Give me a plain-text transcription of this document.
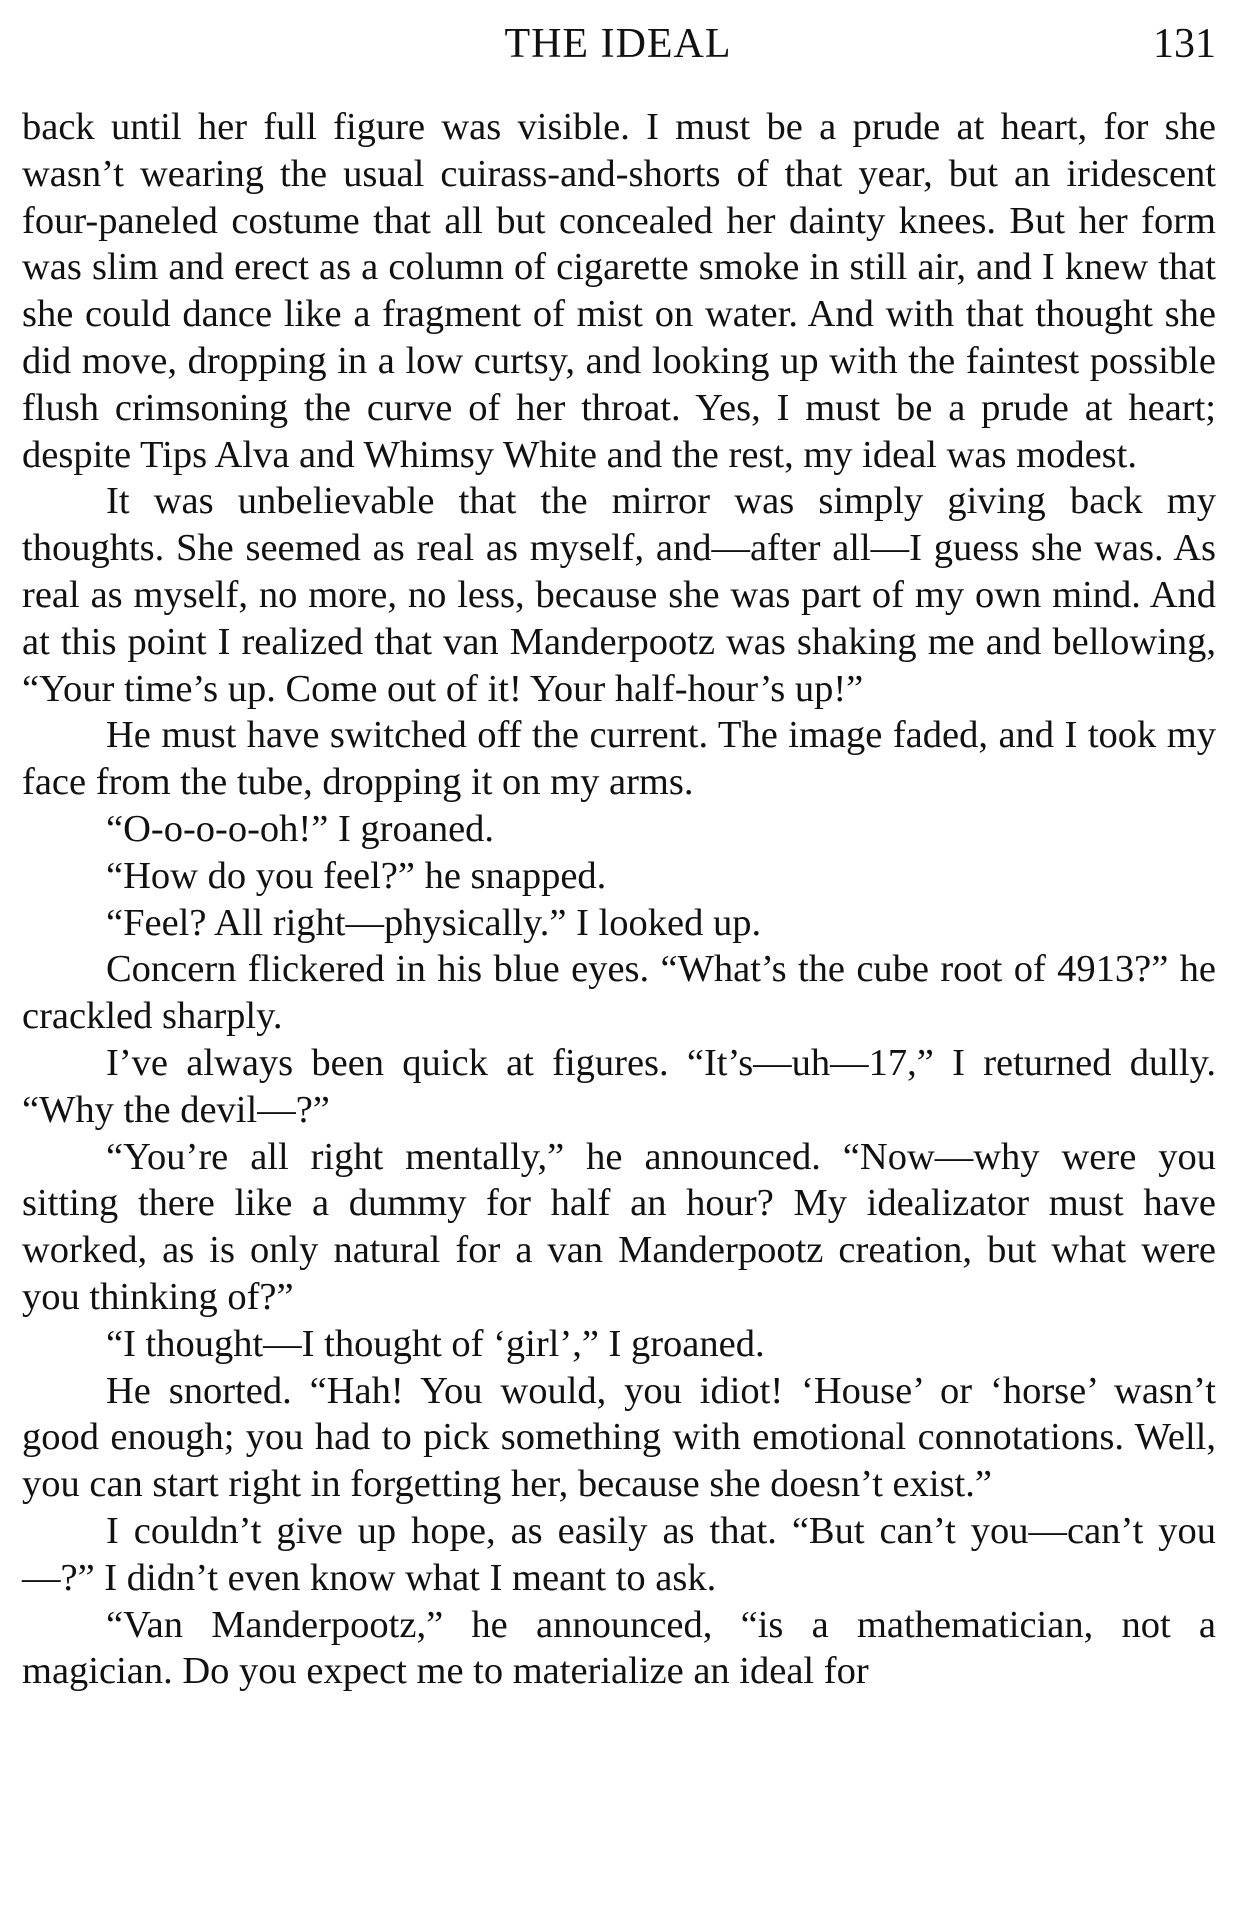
THE IDEAL	131

back until her full figure was visible. I must be a prude at heart, for she wasn’t wearing the usual cuirass-and-shorts of that year, but an iridescent four-paneled costume that all but concealed her dainty knees. But her form was slim and erect as a column of cigarette smoke in still air, and I knew that she could dance like a fragment of mist on water. And with that thought she did move, dropping in a low curtsy, and looking up with the faintest possible flush crimsoning the curve of her throat. Yes, I must be a prude at heart; despite Tips Alva and Whimsy White and the rest, my ideal was modest.

It was unbelievable that the mirror was simply giving back my thoughts. She seemed as real as myself, and—after all—I guess she was. As real as myself, no more, no less, because she was part of my own mind. And at this point I realized that van Manderpootz was shaking me and bellowing, “Your time’s up. Come out of it! Your half-hour’s up!”

He must have switched off the current. The image faded, and I took my face from the tube, dropping it on my arms.

“O-o-o-o-oh!” I groaned.

“How do you feel?” he snapped.

“Feel? All right—physically.” I looked up.

Concern flickered in his blue eyes. “What’s the cube root of 4913?” he crackled sharply.

I’ve always been quick at figures. “It’s—uh—17,” I returned dully. “Why the devil—?”

“You’re all right mentally,” he announced. “Now—why were you sitting there like a dummy for half an hour? My idealizator must have worked, as is only natural for a van Manderpootz creation, but what were you thinking of?”

“I thought—I thought of ‘girl’,” I groaned.

He snorted. “Hah! You would, you idiot! ‘House’ or ‘horse’ wasn’t good enough; you had to pick something with emotional connotations. Well, you can start right in forgetting her, because she doesn’t exist.”

I couldn’t give up hope, as easily as that. “But can’t you—can’t you—?” I didn’t even know what I meant to ask.

“Van Manderpootz,” he announced, “is a mathematician, not a magician. Do you expect me to materialize an ideal for
